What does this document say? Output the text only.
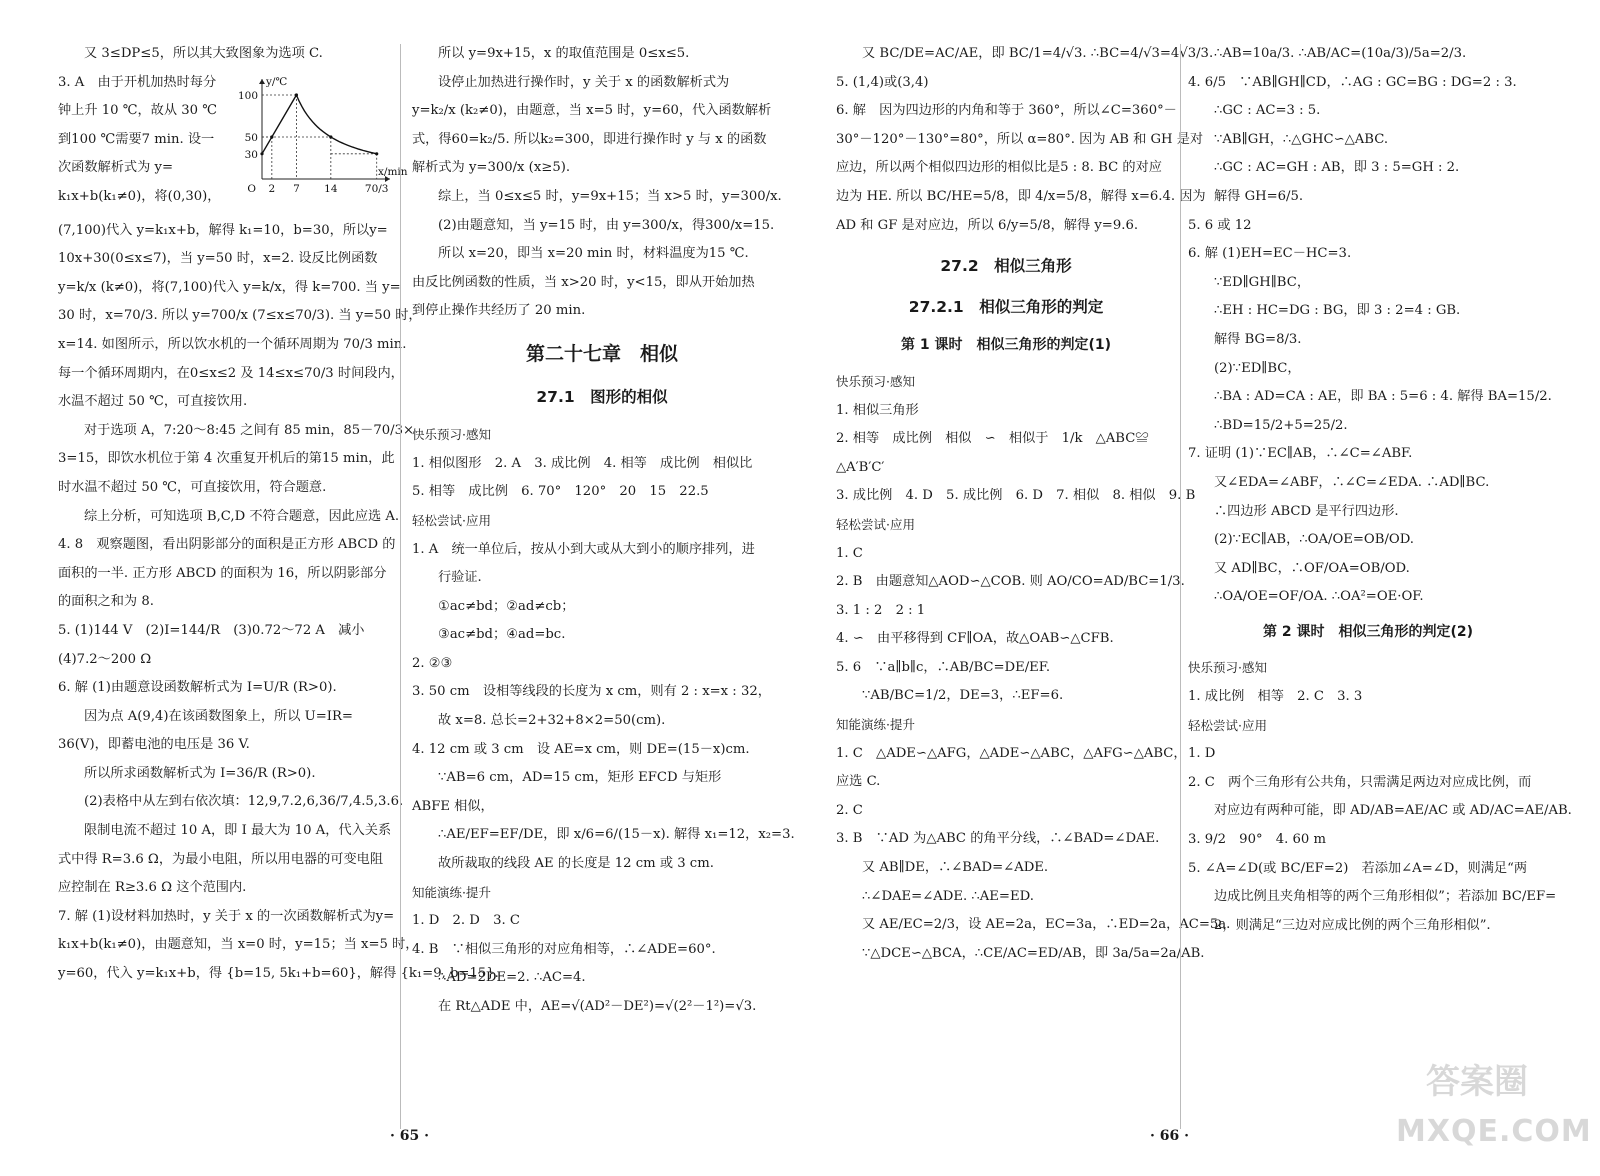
又 3≤DP≤5，所以其大致图象为选项 C.

3. A　由于开机加热时每分

钟上升 10 ℃，故从 30 ℃

到100 ℃需要7 min. 设一

次函数解析式为 y=

k₁x+b(k₁≠0)，将(0,30)，

100
50
30
2 7 14	70/3
O
y/℃
x/min

(7,100)代入 y=k₁x+b，解得 k₁=10，b=30，所以y=

10x+30(0≤x≤7)，当 y=50 时，x=2. 设反比例函数

y=k/x (k≠0)，将(7,100)代入 y=k/x，得 k=700. 当 y=

30 时，x=70/3. 所以 y=700/x (7≤x≤70/3). 当 y=50 时，

x=14. 如图所示，所以饮水机的一个循环周期为 70/3 min.

每一个循环周期内，在0≤x≤2 及 14≤x≤70/3 时间段内，

水温不超过 50 ℃，可直接饮用.

对于选项 A，7:20～8:45 之间有 85 min，85－70/3×

3=15，即饮水机位于第 4 次重复开机后的第15 min，此

时水温不超过 50 ℃，可直接饮用，符合题意.

综上分析，可知选项 B,C,D 不符合题意，因此应选 A.

4. 8　观察题图，看出阴影部分的面积是正方形 ABCD 的

面积的一半. 正方形 ABCD 的面积为 16，所以阴影部分

的面积之和为 8.

5. (1)144 V　(2)I=144/R　(3)0.72～72 A　减小

(4)7.2～200 Ω

6. 解 (1)由题意设函数解析式为 I=U/R (R>0).

因为点 A(9,4)在该函数图象上，所以 U=IR=

36(V)，即蓄电池的电压是 36 V.

所以所求函数解析式为 I=36/R (R>0).

(2)表格中从左到右依次填：12,9,7.2,6,36/7,4.5,3.6.

限制电流不超过 10 A，即 I 最大为 10 A，代入关系

式中得 R=3.6 Ω，为最小电阻，所以用电器的可变电阻

应控制在 R≥3.6 Ω 这个范围内.

7. 解 (1)设材料加热时，y 关于 x 的一次函数解析式为y=

k₁x+b(k₁≠0)，由题意知，当 x=0 时，y=15；当 x=5 时，

y=60，代入 y=k₁x+b，得 {b=15, 5k₁+b=60}，解得 {k₁=9, b=15}.

所以 y=9x+15，x 的取值范围是 0≤x≤5.

设停止加热进行操作时，y 关于 x 的函数解析式为

y=k₂/x (k₂≠0)，由题意，当 x=5 时，y=60，代入函数解析

式，得60=k₂/5. 所以k₂=300，即进行操作时 y 与 x 的函数

解析式为 y=300/x (x≥5).

综上，当 0≤x≤5 时，y=9x+15；当 x>5 时，y=300/x.

(2)由题意知，当 y=15 时，由 y=300/x，得300/x=15.

所以 x=20，即当 x=20 min 时，材料温度为15 ℃.

由反比例函数的性质，当 x>20 时，y<15，即从开始加热

到停止操作共经历了 20 min.

第二十七章　相似
27.1　图形的相似

快乐预习·感知

1. 相似图形　2. A　3. 成比例　4. 相等　成比例　相似比

5. 相等　成比例　6. 70°　120°　20　15　22.5

轻松尝试·应用

1. A　统一单位后，按从小到大或从大到小的顺序排列，进

行验证.

①ac≠bd；②ad≠cb；

③ac≠bd；④ad=bc.

2. ②③

3. 50 cm　设相等线段的长度为 x cm，则有 2 : x=x : 32，

故 x=8. 总长=2+32+8×2=50(cm).

4. 12 cm 或 3 cm　设 AE=x cm，则 DE=(15－x)cm.

∵AB=6 cm，AD=15 cm，矩形 EFCD 与矩形

ABFE 相似，

∴AE/EF=EF/DE，即 x/6=6/(15－x). 解得 x₁=12，x₂=3.

故所裁取的线段 AE 的长度是 12 cm 或 3 cm.

知能演练·提升

1. D　2. D　3. C

4. B　∵相似三角形的对应角相等，∴∠ADE=60°.

∴AD=2DE=2. ∴AC=4.

在 Rt△ADE 中，AE=√(AD²－DE²)=√(2²－1²)=√3.

· 65 ·

又 BC/DE=AC/AE，即 BC/1=4/√3. ∴BC=4/√3=4√3/3.

5. (1,4)或(3,4)

6. 解　因为四边形的内角和等于 360°，所以∠C=360°－

30°－120°－130°=80°，所以 α=80°. 因为 AB 和 GH 是对

应边，所以两个相似四边形的相似比是5 : 8. BC 的对应

边为 HE. 所以 BC/HE=5/8，即 4/x=5/8，解得 x=6.4. 因为

AD 和 GF 是对应边，所以 6/y=5/8，解得 y=9.6.

27.2　相似三角形
27.2.1　相似三角形的判定
第 1 课时　相似三角形的判定(1)

快乐预习·感知

1. 相似三角形

2. 相等　成比例　相似　∽　相似于　1/k　△ABC≌

△A′B′C′

3. 成比例　4. D　5. 成比例　6. D　7. 相似　8. 相似　9. B

轻松尝试·应用

1. C

2. B　由题意知△AOD∽△COB. 则 AO/CO=AD/BC=1/3.

3. 1 : 2　2 : 1

4. ∽　由平移得到 CF∥OA，故△OAB∽△CFB.

5. 6　∵a∥b∥c，∴AB/BC=DE/EF.

∵AB/BC=1/2，DE=3，∴EF=6.

知能演练·提升

1. C　△ADE∽△AFG，△ADE∽△ABC，△AFG∽△ABC，

应选 C.

2. C

3. B　∵AD 为△ABC 的角平分线，∴∠BAD=∠DAE.

又 AB∥DE，∴∠BAD=∠ADE.

∴∠DAE=∠ADE. ∴AE=ED.

又 AE/EC=2/3，设 AE=2a，EC=3a，∴ED=2a，AC=5a.

∵△DCE∽△BCA，∴CE/AC=ED/AB，即 3a/5a=2a/AB.

∴AB=10a/3. ∴AB/AC=(10a/3)/5a=2/3.

4. 6/5　∵AB∥GH∥CD，∴AG : GC=BG : DG=2 : 3.

∴GC : AC=3 : 5.

∵AB∥GH，∴△GHC∽△ABC.

∴GC : AC=GH : AB，即 3 : 5=GH : 2.

解得 GH=6/5.

5. 6 或 12

6. 解 (1)EH=EC－HC=3.

∵ED∥GH∥BC，

∴EH : HC=DG : BG，即 3 : 2=4 : GB.

解得 BG=8/3.

(2)∵ED∥BC，

∴BA : AD=CA : AE，即 BA : 5=6 : 4. 解得 BA=15/2.

∴BD=15/2+5=25/2.

7. 证明 (1)∵EC∥AB，∴∠C=∠ABF.

又∠EDA=∠ABF，∴∠C=∠EDA. ∴AD∥BC.

∴四边形 ABCD 是平行四边形.

(2)∵EC∥AB，∴OA/OE=OB/OD.

又 AD∥BC，∴OF/OA=OB/OD.

∴OA/OE=OF/OA. ∴OA²=OE·OF.

第 2 课时　相似三角形的判定(2)

快乐预习·感知

1. 成比例　相等　2. C　3. 3

轻松尝试·应用

1. D

2. C　两个三角形有公共角，只需满足两边对应成比例，而

对应边有两种可能，即 AD/AB=AE/AC 或 AD/AC=AE/AB.

3. 9/2　90°　4. 60 m

5. ∠A=∠D(或 BC/EF=2)　若添加∠A=∠D，则满足“两

边成比例且夹角相等的两个三角形相似”；若添加 BC/EF=

2，则满足“三边对应成比例的两个三角形相似”.

· 66 ·
答案圈
MXQE.COM
